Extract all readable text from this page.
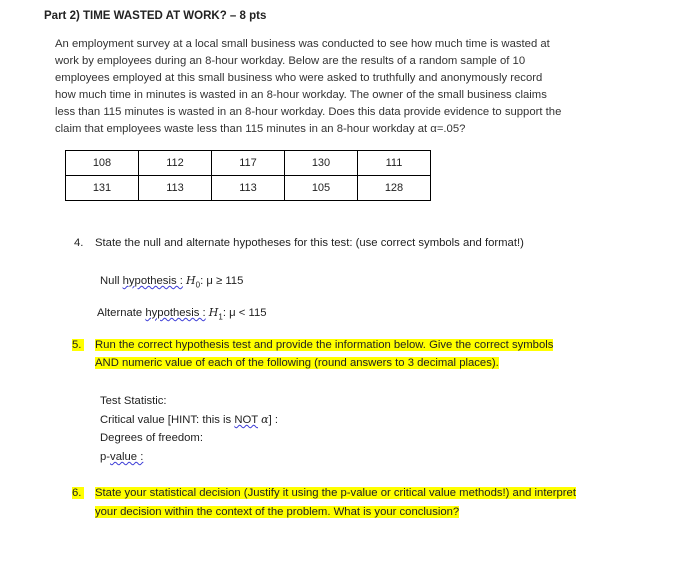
Part 2) TIME WASTED AT WORK? – 8 pts
An employment survey at a local small business was conducted to see how much time is wasted at
work by employees during an 8-hour workday. Below are the results of a random sample of 10
employees employed at this small business who were asked to truthfully and anonymously record
how much time in minutes is wasted in an 8-hour workday. The owner of the small business claims
less than 115 minutes is wasted in an 8-hour workday. Does this data provide evidence to support the
claim that employees waste less than 115 minutes in an 8-hour workday at α=.05?
108	112	117	130	111
131	113	113	105	128
4. State the null and alternate hypotheses for this test: (use correct symbols and format!)
Null hypothesis : $H_0$: μ ≥ 115
Alternate hypothesis : $H_1$: μ < 115
5. Run the correct hypothesis test and provide the information below. Give the correct symbols
AND numeric value of each of the following (round answers to 3 decimal places).
Test Statistic:
Critical value [HINT: this is NOT α] :
Degrees of freedom:
p-value :
6. State your statistical decision (Justify it using the p-value or critical value methods!) and interpret
your decision within the context of the problem. What is your conclusion?
